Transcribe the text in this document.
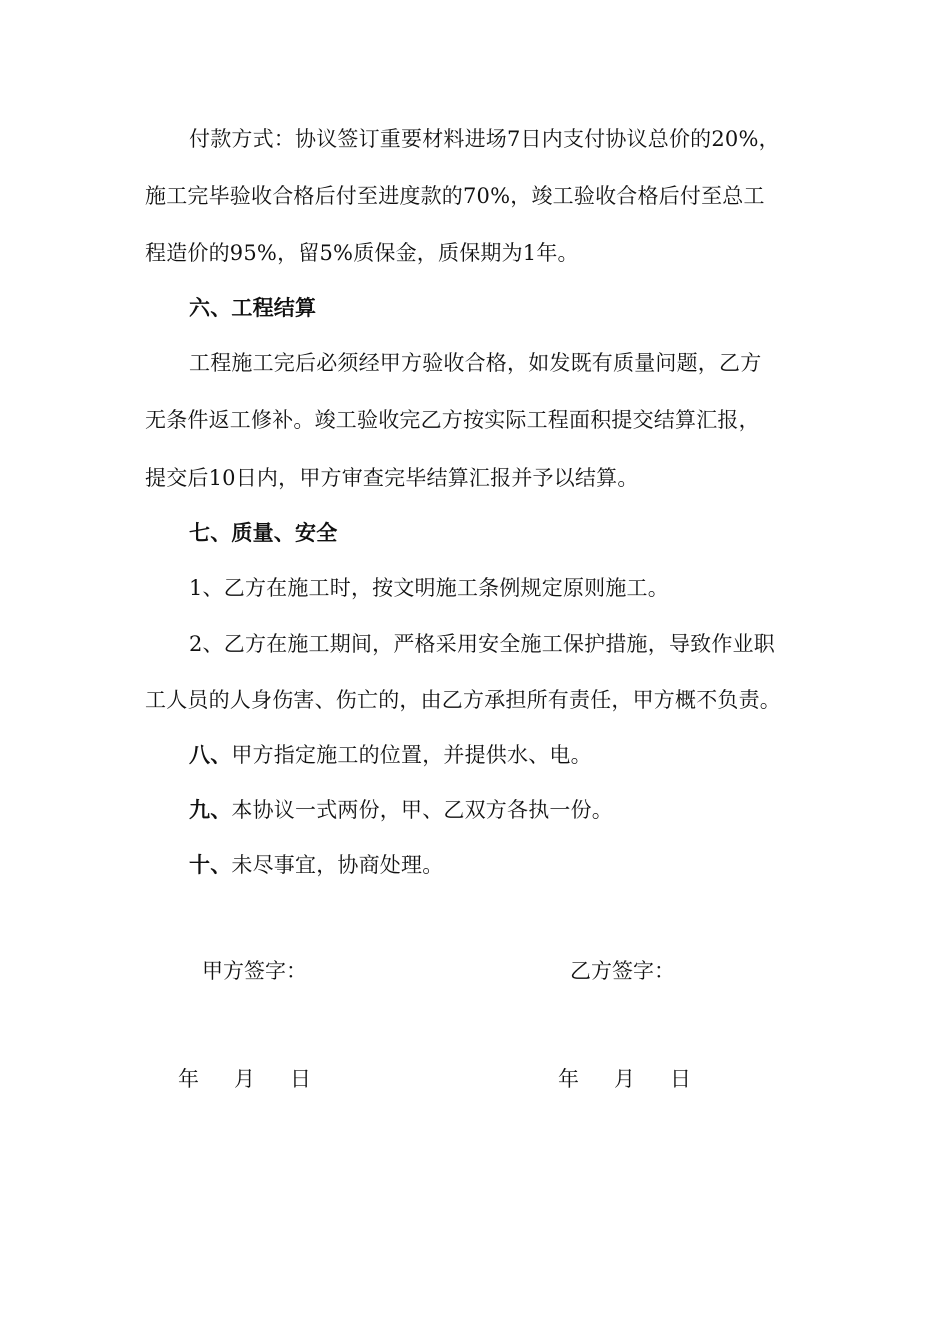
付款方式：协议签订重要材料进场7日内支付协议总价的20%，
施工完毕验收合格后付至进度款的70%，竣工验收合格后付至总工
程造价的95%，留5%质保金，质保期为1年。
六、工程结算
工程施工完后必须经甲方验收合格，如发既有质量问题，乙方
无条件返工修补。竣工验收完乙方按实际工程面积提交结算汇报，
提交后10日内，甲方审查完毕结算汇报并予以结算。
七、质量、安全
1、乙方在施工时，按文明施工条例规定原则施工。
2、乙方在施工期间，严格采用安全施工保护措施，导致作业职
工人员的人身伤害、伤亡的，由乙方承担所有责任，甲方概不负责。
八、甲方指定施工的位置，并提供水、电。
九、本协议一式两份，甲、乙双方各执一份。
十、未尽事宜，协商处理。
甲方签字：	乙方签字：
年 月 日	年 月 日
